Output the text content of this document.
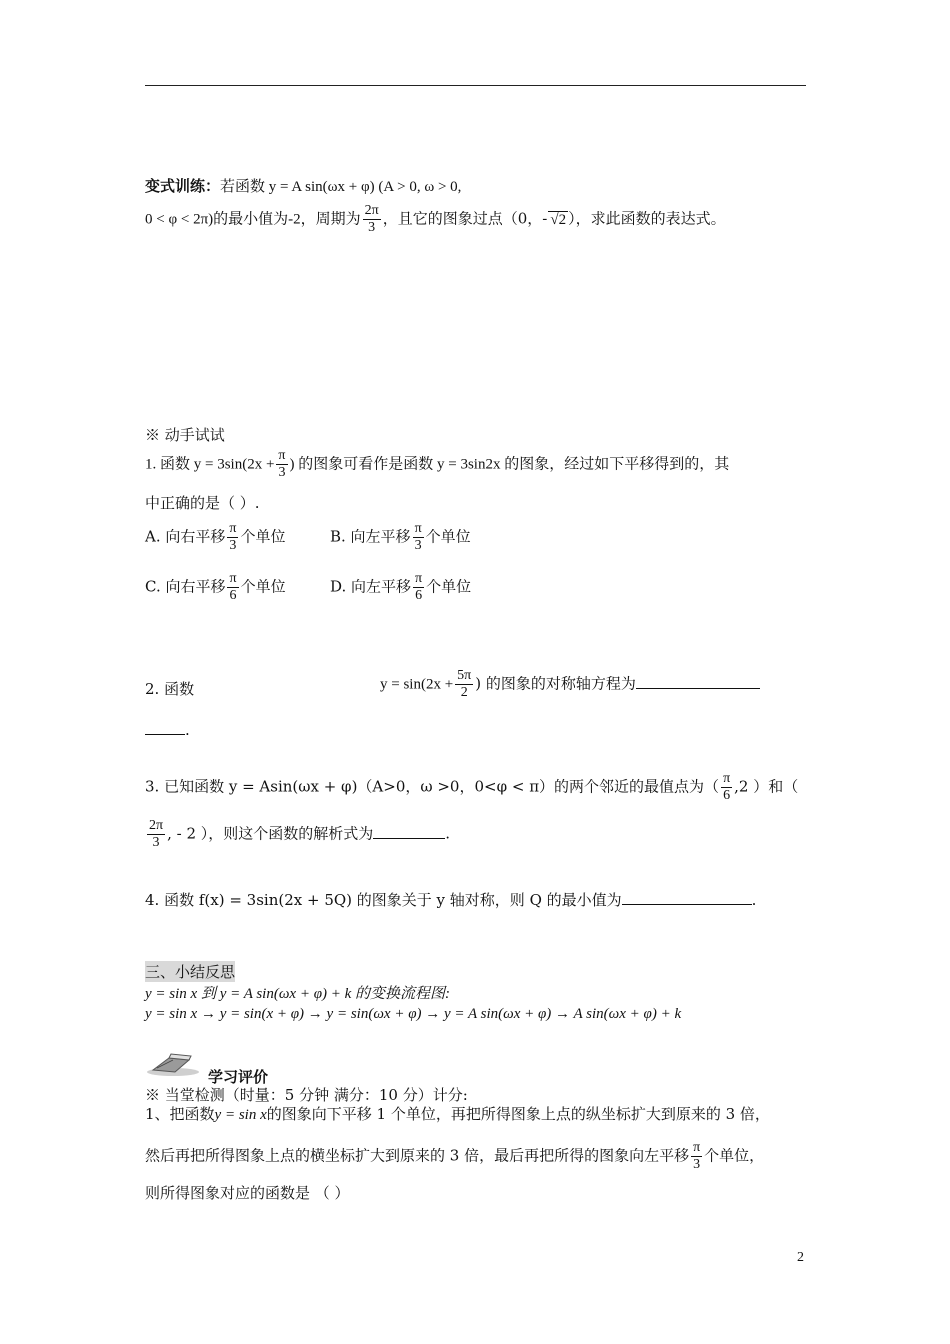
变式训练：若函数 y = A sin(ωx + φ) (A > 0, ω > 0,
0 < φ < 2π)的最小值为-2，周期为 $\frac{2\pi}{3}$ ，且它的图象过点（0，- √2 ），求此函数的表达式。
※ 动手试试
1. 函数 $y = 3\sin(2x + \frac{\pi}{3}$ ) 的图象可看作是函数 y = 3sin2x 的图象，经过如下平移得到的，其
中正确的是（ ）.
A. 向右平移 $\frac{\pi}{3}$ 个单位	B. 向左平移 $\frac{\pi}{3}$ 个单位
C. 向右平移 $\frac{\pi}{6}$ 个单位	D. 向左平移 $\frac{\pi}{6}$ 个单位
2. 函数	$y = \sin(2x + \frac{5\pi}{2}$ ) 的图象的对称轴方程为
.
3. 已知函数 y = Asin(ωx + φ)（A>0，ω >0，0<φ < π）的两个邻近的最值点为（ $\frac{\pi}{6} ,2$ ）和（
$\frac{2\pi}{3}$ , - 2 ），则这个函数的解析式为	.
4. 函数 f(x) = 3sin(2x + 5Q) 的图象关于 y 轴对称，则 Q 的最小值为	.
三、小结反思
y = sin x 到 y = A sin(ωx + φ) + k 的变换流程图:
y = sin x → y = sin(x + φ) → y = sin(ωx + φ) → y = A sin(ωx + φ) → A sin(ωx + φ) + k
学习评价
※ 当堂检测（时量：5 分钟 满分：10 分）计分:
1、把函数y = sin x的图象向下平移 1 个单位，再把所得图象上点的纵坐标扩大到原来的 3 倍，
然后再把所得图象上点的横坐标扩大到原来的 3 倍，最后再把所得的图象向左平移 $\frac{\pi}{3}$ 个单位，
则所得图象对应的函数是 （ ）
2
